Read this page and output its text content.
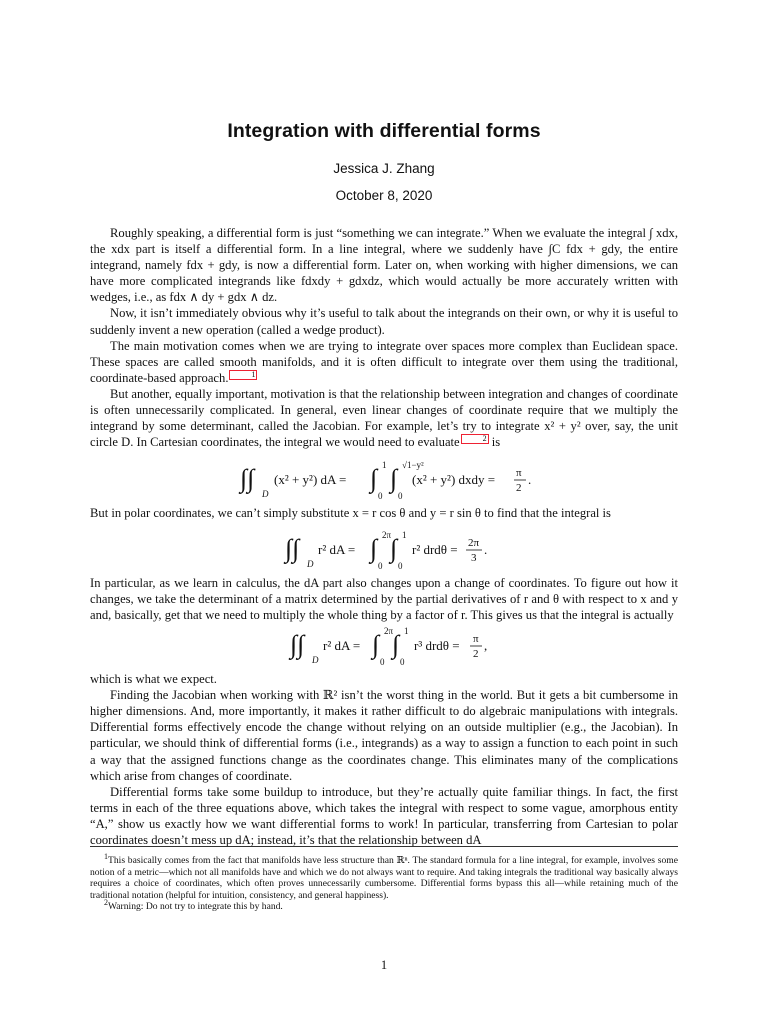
Integration with differential forms
Jessica J. Zhang
October 8, 2020

Roughly speaking, a differential form is just “something we can integrate.” When we evaluate the integral ∫ xdx, the xdx part is itself a differential form. In a line integral, where we suddenly have ∫C fdx + gdy, the entire integrand, namely fdx + gdy, is now a differential form. Later on, when working with higher dimensions, we can have more complicated integrands like fdxdy + gdxdz, which would actually be more accurately written with wedges, i.e., as fdx ∧ dy + gdx ∧ dz.

Now, it isn’t immediately obvious why it’s useful to talk about the integrands on their own, or why it is useful to suddenly invent a new operation (called a wedge product).

The main motivation comes when we are trying to integrate over spaces more complex than Euclidean space. These spaces are called smooth manifolds, and it is often difficult to integrate over them using the traditional, coordinate-based approach.	1

But another, equally important, motivation is that the relationship between integration and changes of coordinate is often unnecessarily complicated. In general, even linear changes of coordinate require that we multiply the integrand by some determinant, called the Jacobian. For example, let’s try to integrate x² + y² over, say, the unit circle D. In Cartesian coordinates, the integral we would need to evaluate	2 is

∫∫
D
(x² + y²) dA = ∫ 1
0
∫ √1−y²
0
(x² + y²) dxdy = π
2
.

But in polar coordinates, we can’t simply substitute x = r cos θ and y = r sin θ to find that the integral is

∫∫
D
r² dA = ∫ 2π
0
∫ 1
0
r² drdθ = 2π
3
.

In particular, as we learn in calculus, the dA part also changes upon a change of coordinates. To figure out how it changes, we take the determinant of a matrix determined by the partial derivatives of r and θ with respect to x and y and, basically, get that we need to multiply the whole thing by a factor of r. This gives us that the integral is actually

∫∫
D
r² dA = ∫ 2π
0
∫ 1
0
r³ drdθ = π
2
,

which is what we expect.

Finding the Jacobian when working with ℝ² isn’t the worst thing in the world. But it gets a bit cumbersome in higher dimensions. And, more importantly, it makes it rather difficult to do algebraic manipulations with integrals. Differential forms effectively encode the change without relying on an outside multiplier (e.g., the Jacobian). In particular, we should think of differential forms (i.e., integrands) as a way to assign a function to each point in such a way that the assigned functions change as the coordinates change. This eliminates many of the complications which arise from changes of coordinate.

Differential forms take some buildup to introduce, but they’re actually quite familiar things. In fact, the first terms in each of the three equations above, which takes the integral with respect to some vague, amorphous entity “A,” show us exactly how we want differential forms to work! In particular, transferring from Cartesian to polar coordinates doesn’t mess up dA; instead, it’s that the relationship between dA

$^1$This basically comes from the fact that manifolds have less structure than ℝⁿ. The standard formula for a line integral, for example, involves some notion of a metric—which not all manifolds have and which we do not always want to require. And taking integrals the traditional way basically always requires a choice of coordinates, which often proves unnecessarily cumbersome. Differential forms bypass this all—while retaining much of the traditional notation (helpful for intuition, consistency, and general happiness).

$^2$Warning: Do not try to integrate this by hand.

1
